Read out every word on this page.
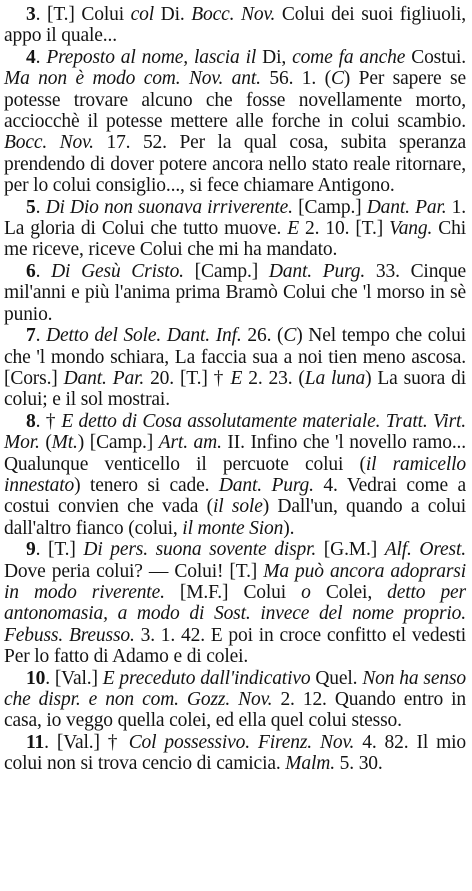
3. [T.] Colui col Di. Bocc. Nov. Colui dei suoi figliuoli, appo il quale...

4. Preposto al nome, lascia il Di, come fa anche Costui. Ma non è modo com. Nov. ant. 56. 1. (C) Per sapere se potesse trovare alcuno che fosse novellamente morto, acciocchè il potesse mettere alle forche in colui scambio. Bocc. Nov. 17. 52. Per la qual cosa, subita speranza prendendo di dover potere ancora nello stato reale ritornare, per lo colui consiglio..., si fece chiamare Antigono.

5. Di Dio non suonava irriverente. [Camp.] Dant. Par. 1. La gloria di Colui che tutto muove. E 2. 10. [T.] Vang. Chi me riceve, riceve Colui che mi ha mandato.

6. Di Gesù Cristo. [Camp.] Dant. Purg. 33. Cinque mil'anni e più l'anima prima Bramò Colui che 'l morso in sè punio.

7. Detto del Sole. Dant. Inf. 26. (C) Nel tempo che colui che 'l mondo schiara, La faccia sua a noi tien meno ascosa. [Cors.] Dant. Par. 20. [T.] † E 2. 23. (La luna) La suora di colui; e il sol mostrai.

8. † E detto di Cosa assolutamente materiale. Tratt. Virt. Mor. (Mt.) [Camp.] Art. am. II. Infino che 'l novello ramo... Qualunque venticello il percuote colui (il ramicello innestato) tenero si cade. Dant. Purg. 4. Vedrai come a costui convien che vada (il sole) Dall'un, quando a colui dall'altro fianco (colui, il monte Sion).

9. [T.] Di pers. suona sovente dispr. [G.M.] Alf. Orest. Dove peria colui? — Colui! [T.] Ma può ancora adoprarsi in modo riverente. [M.F.] Colui o Colei, detto per antonomasia, a modo di Sost. invece del nome proprio. Febuss. Breusso. 3. 1. 42. E poi in croce confitto el vedesti Per lo fatto di Adamo e di colei.

10. [Val.] E preceduto dall'indicativo Quel. Non ha senso che dispr. e non com. Gozz. Nov. 2. 12. Quando entro in casa, io veggo quella colei, ed ella quel colui stesso.

11. [Val.] † Col possessivo. Firenz. Nov. 4. 82. Il mio colui non si trova cencio di camicia. Malm. 5. 30.
